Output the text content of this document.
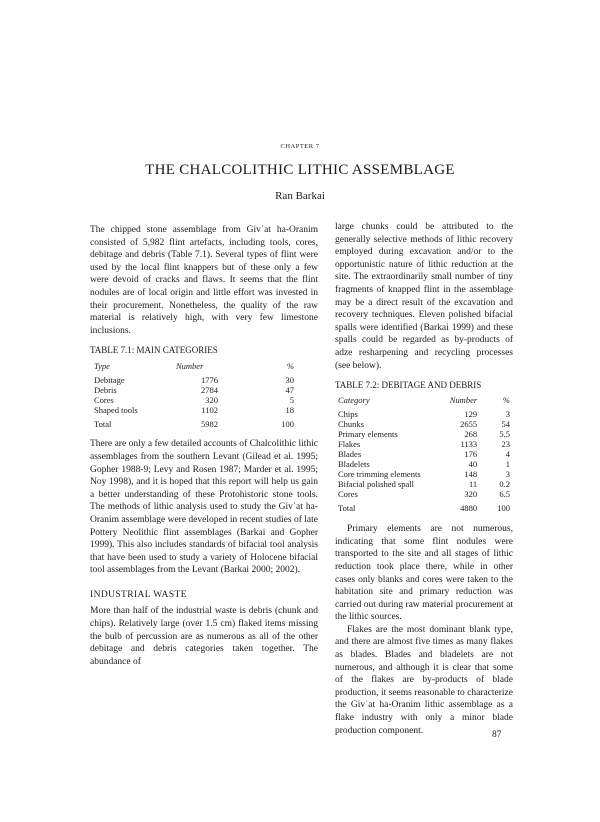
CHAPTER 7
THE CHALCOLITHIC LITHIC ASSEMBLAGE
Ran Barkai

The chipped stone assemblage from Givʿat ha-Oranim consisted of 5,982 flint artefacts, including tools, cores, debitage and debris (Table 7.1). Several types of flint were used by the local flint knappers but of these only a few were devoid of cracks and flaws. It seems that the flint nodules are of local origin and little effort was invested in their procurement. Nonetheless, the quality of the raw material is relatively high, with very few limestone inclusions.

TABLE 7.1: MAIN CATEGORIES
Type	Number	%

Debitage	1776	30
Debris	2784	47
Cores	320	5
Shaped tools	1102	18

Total	5982	100

There are only a few detailed accounts of Chalcolithic lithic assemblages from the southern Levant (Gilead et al. 1995; Gopher 1988-9; Levy and Rosen 1987; Marder et al. 1995; Noy 1998), and it is hoped that this report will help us gain a better understanding of these Protohistoric stone tools. The methods of lithic analysis used to study the Givʿat ha-Oranim assemblage were developed in recent studies of late Pottery Neolithic flint assemblages (Barkai and Gopher 1999). This also includes standards of bifacial tool analysis that have been used to study a variety of Holocene bifacial tool assemblages from the Levant (Barkai 2000; 2002).

INDUSTRIAL WASTE

More than half of the industrial waste is debris (chunk and chips). Relatively large (over 1.5 cm) flaked items missing the bulb of percussion are as numerous as all of the other debitage and debris categories taken together. The abundance of

large chunks could be attributed to the generally selective methods of lithic recovery employed during excavation and/or to the opportunistic nature of lithic reduction at the site. The extraordinarily small number of tiny fragments of knapped flint in the assemblage may be a direct result of the excavation and recovery techniques. Eleven polished bifacial spalls were identified (Barkai 1999) and these spalls could be regarded as by-products of adze resharpening and recycling processes (see below).

TABLE 7.2: DEBITAGE AND DEBRIS
Category	Number	%

Chips	129	3
Chunks	2655	54
Primary elements	268	5.5
Flakes	1133	23
Blades	176	4
Bladelets	40	1
Core trimming elements	148	3
Bifacial polished spall	11	0.2
Cores	320	6.5

Total	4880	100

Primary elements are not numerous, indicating that some flint nodules were transported to the site and all stages of lithic reduction took place there, while in other cases only blanks and cores were taken to the habitation site and primary reduction was carried out during raw material procurement at the lithic sources.

Flakes are the most dominant blank type, and there are almost five times as many flakes as blades. Blades and bladelets are not numerous, and although it is clear that some of the flakes are by-products of blade production, it seems reasonable to characterize the Givʿat ha-Oranim lithic assemblage as a flake industry with only a minor blade production component.	87
